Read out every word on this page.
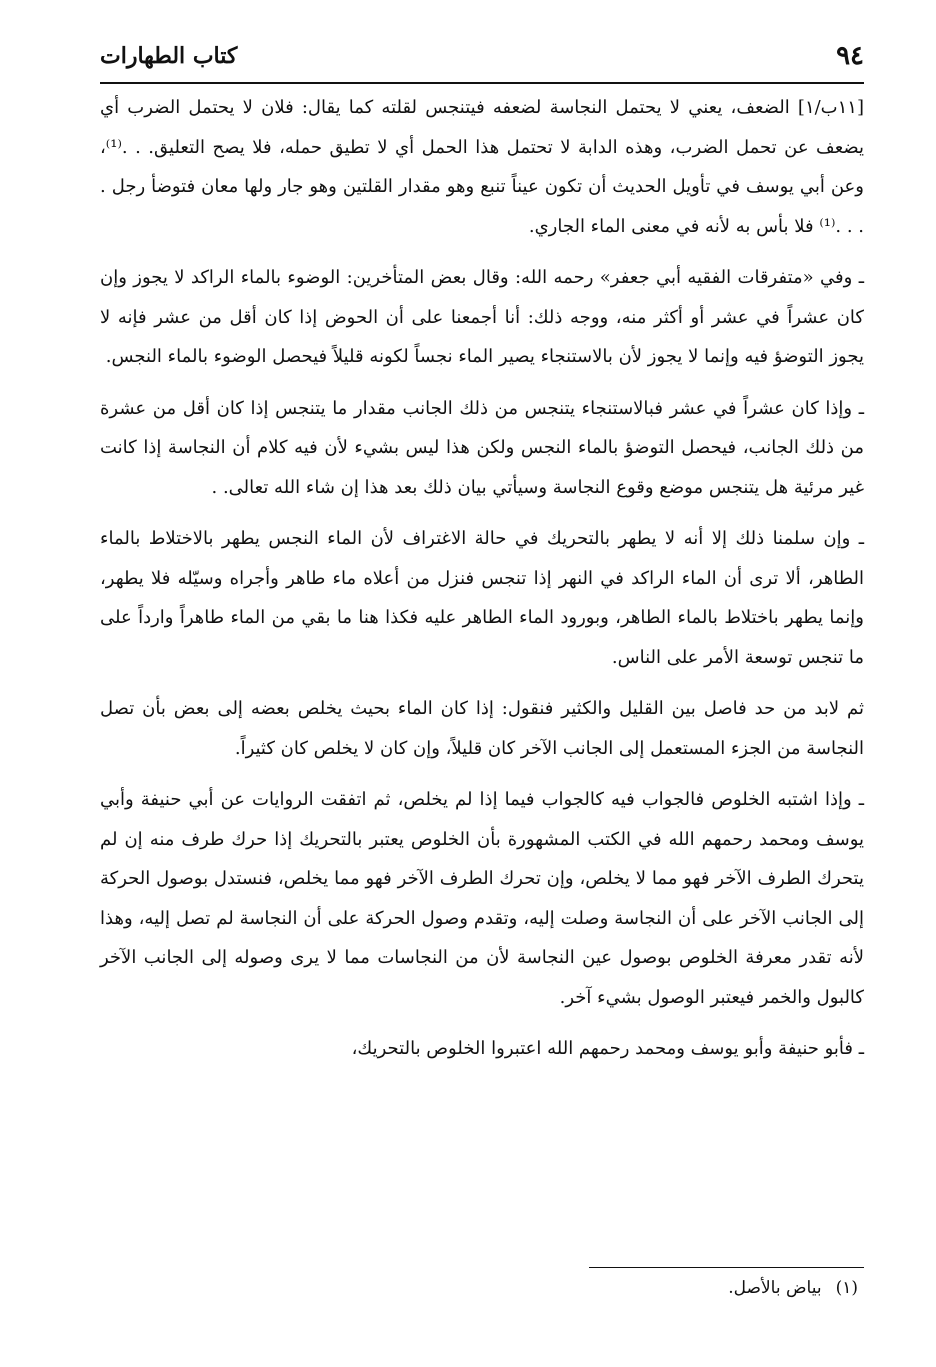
٩٤
كتاب الطهارات

[١١ب/١] الضعف، يعني لا يحتمل النجاسة لضعفه فيتنجس لقلته كما يقال: فلان لا يحتمل الضرب أي يضعف عن تحمل الضرب، وهذه الدابة لا تحتمل هذا الحمل أي لا تطيق حمله، فلا يصح التعليق. . .⁽¹⁾، وعن أبي يوسف في تأويل الحديث أن تكون عيناً تنبع وهو مقدار القلتين وهو جار ولها معان فتوضأ رجل . . . .⁽¹⁾ فلا بأس به لأنه في معنى الماء الجاري.

ـ وفي «متفرقات الفقيه أبي جعفر» رحمه الله: وقال بعض المتأخرين: الوضوء بالماء الراكد لا يجوز وإن كان عشراً في عشر أو أكثر منه، ووجه ذلك: أنا أجمعنا على أن الحوض إذا كان أقل من عشر فإنه لا يجوز التوضؤ فيه وإنما لا يجوز لأن بالاستنجاء يصير الماء نجساً لكونه قليلاً فيحصل الوضوء بالماء النجس.

ـ وإذا كان عشراً في عشر فبالاستنجاء يتنجس من ذلك الجانب مقدار ما يتنجس إذا كان أقل من عشرة من ذلك الجانب، فيحصل التوضؤ بالماء النجس ولكن هذا ليس بشيء لأن فيه كلام أن النجاسة إذا كانت غير مرئية هل يتنجس موضع وقوع النجاسة وسيأتي بيان ذلك بعد هذا إن شاء الله تعالى. .

ـ وإن سلمنا ذلك إلا أنه لا يطهر بالتحريك في حالة الاغتراف لأن الماء النجس يطهر بالاختلاط بالماء الطاهر، ألا ترى أن الماء الراكد في النهر إذا تنجس فنزل من أعلاه ماء طاهر وأجراه وسيّله فلا يطهر، وإنما يطهر باختلاط بالماء الطاهر، وبورود الماء الطاهر عليه فكذا هنا ما بقي من الماء طاهراً وارداً على ما تنجس توسعة الأمر على الناس.

ثم لابد من حد فاصل بين القليل والكثير فنقول: إذا كان الماء بحيث يخلص بعضه إلى بعض بأن تصل النجاسة من الجزء المستعمل إلى الجانب الآخر كان قليلاً، وإن كان لا يخلص كان كثيراً.

ـ وإذا اشتبه الخلوص فالجواب فيه كالجواب فيما إذا لم يخلص، ثم اتفقت الروايات عن أبي حنيفة وأبي يوسف ومحمد رحمهم الله في الكتب المشهورة بأن الخلوص يعتبر بالتحريك إذا حرك طرف منه إن لم يتحرك الطرف الآخر فهو مما لا يخلص، وإن تحرك الطرف الآخر فهو مما يخلص، فنستدل بوصول الحركة إلى الجانب الآخر على أن النجاسة وصلت إليه، وتقدم وصول الحركة على أن النجاسة لم تصل إليه، وهذا لأنه تقدر معرفة الخلوص بوصول عين النجاسة لأن من النجاسات مما لا يرى وصوله إلى الجانب الآخر كالبول والخمر فيعتبر الوصول بشيء آخر.

ـ فأبو حنيفة وأبو يوسف ومحمد رحمهم الله اعتبروا الخلوص بالتحريك،

(١)
بياض بالأصل.
